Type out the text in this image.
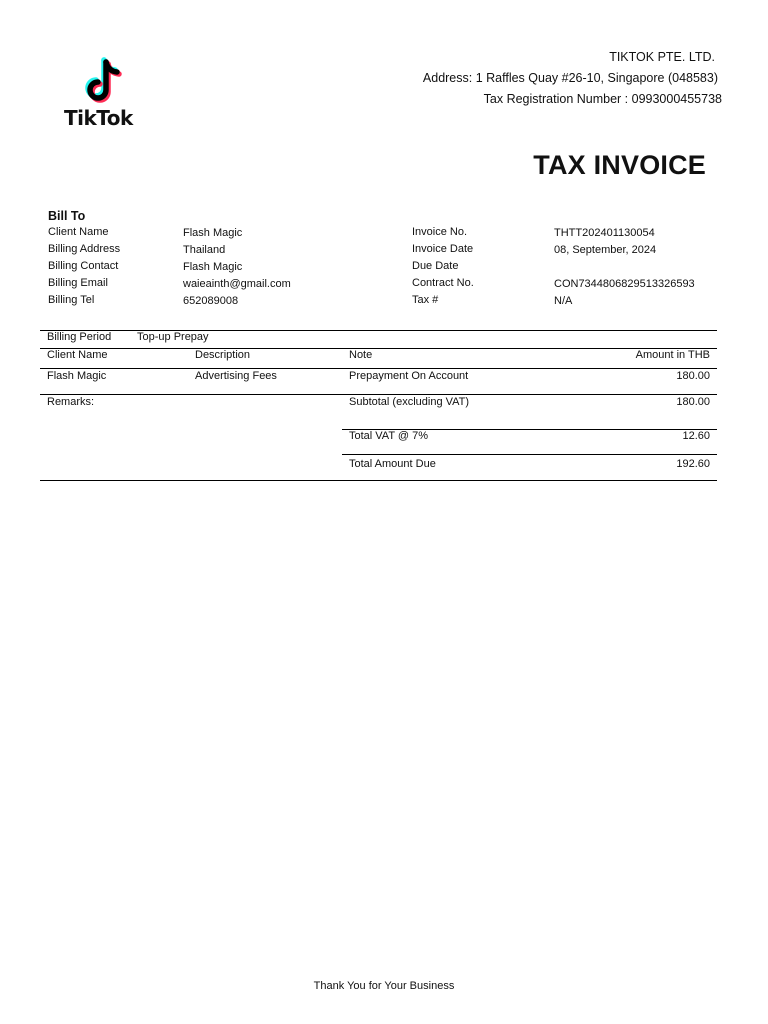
TikTok
TIKTOK PTE. LTD.
Address: 1 Raffles Quay #26-10, Singapore (048583)
Tax Registration Number : 0993000455738
TAX INVOICE
Bill To
Client Name	Flash Magic
Billing Address	Thailand
Billing Contact	Flash Magic
Billing Email	waieainth@gmail.com
Billing Tel	652089008
Invoice No.	THTT202401130054
Invoice Date	08, September, 2024
Due Date
Contract No.	CON7344806829513326593
Tax #	N/A
Billing Period Top-up Prepay
Client Name	Description	Note	Amount in THB
Flash Magic	Advertising Fees	Prepayment On Account	180.00
Remarks:	Subtotal (excluding VAT)	180.00
Total VAT @ 7%	12.60
Total Amount Due	192.60
Thank You for Your Business
